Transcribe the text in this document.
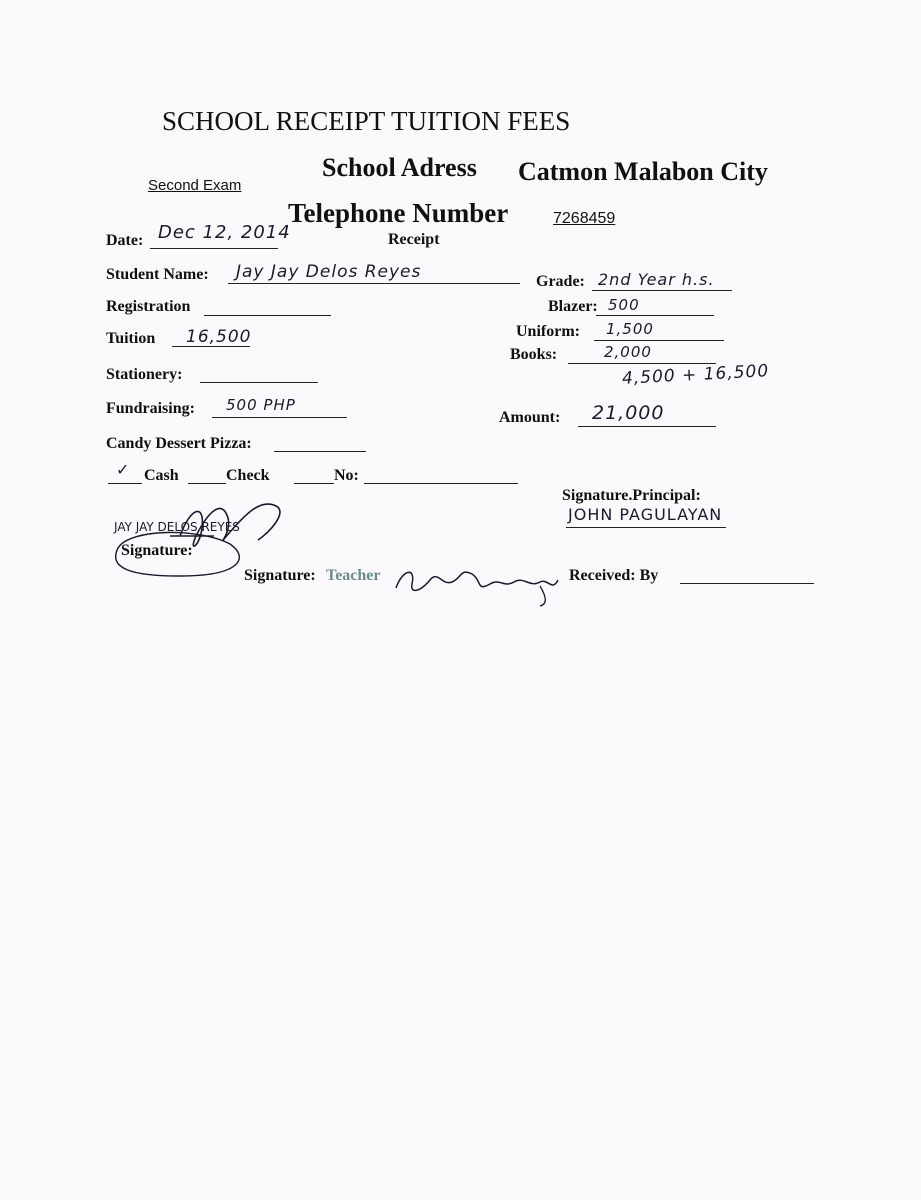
SCHOOL RECEIPT TUITION FEES
School Adress Catmon Malabon City
Second Exam
Telephone Number	7268459
Receipt
Date: Dec 12, 2014
Student Name: Jay Jay Delos Reyes	Grade: 2nd Year h.s.
Registration	Blazer: 500
Tuition 16,500	Uniform: 1,500
Books:	2,000
4,500 + 16,500
Stationery:
Fundraising: 500 PHP
Amount: 21,000
Candy Dessert Pizza:
✓ Cash	Check	No:
Signature.Principal:
JOHN PAGULAYAN
JAY JAY DELOS REYES
Signature:
Signature: Teacher	Received: By
